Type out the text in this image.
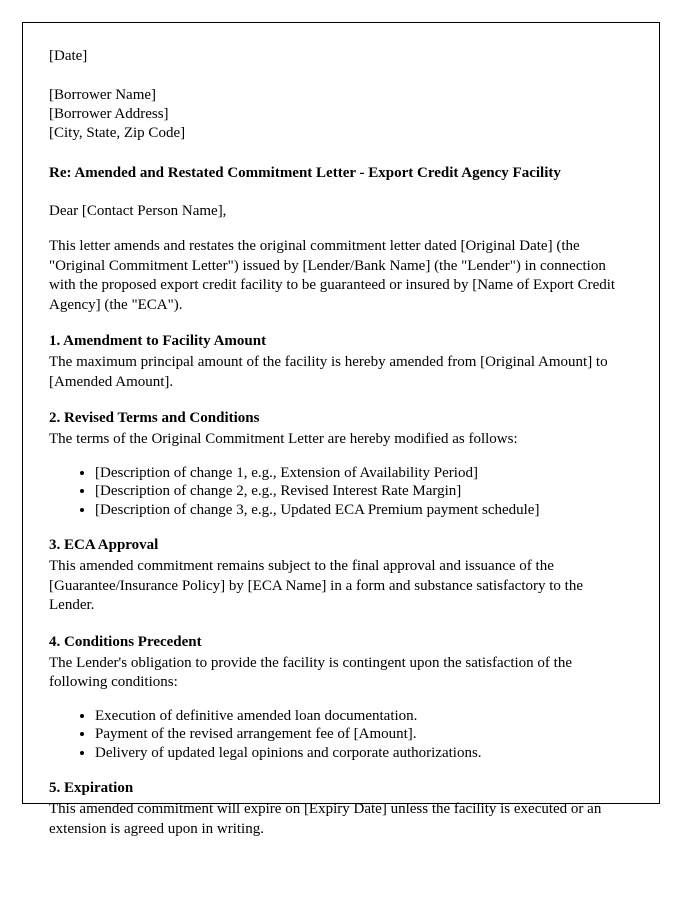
[Date]

[Borrower Name]
[Borrower Address]
[City, State, Zip Code]

Re: Amended and Restated Commitment Letter - Export Credit Agency Facility

Dear [Contact Person Name],

This letter amends and restates the original commitment letter dated [Original Date] (the "Original Commitment Letter") issued by [Lender/Bank Name] (the "Lender") in connection with the proposed export credit facility to be guaranteed or insured by [Name of Export Credit Agency] (the "ECA").

1. Amendment to Facility Amount

The maximum principal amount of the facility is hereby amended from [Original Amount] to [Amended Amount].

2. Revised Terms and Conditions

The terms of the Original Commitment Letter are hereby modified as follows:

• [Description of change 1, e.g., Extension of Availability Period]
• [Description of change 2, e.g., Revised Interest Rate Margin]
• [Description of change 3, e.g., Updated ECA Premium payment schedule]
3. ECA Approval

This amended commitment remains subject to the final approval and issuance of the [Guarantee/Insurance Policy] by [ECA Name] in a form and substance satisfactory to the Lender.

4. Conditions Precedent

The Lender's obligation to provide the facility is contingent upon the satisfaction of the following conditions:

• Execution of definitive amended loan documentation.
• Payment of the revised arrangement fee of [Amount].
• Delivery of updated legal opinions and corporate authorizations.
5. Expiration

This amended commitment will expire on [Expiry Date] unless the facility is executed or an extension is agreed upon in writing.
